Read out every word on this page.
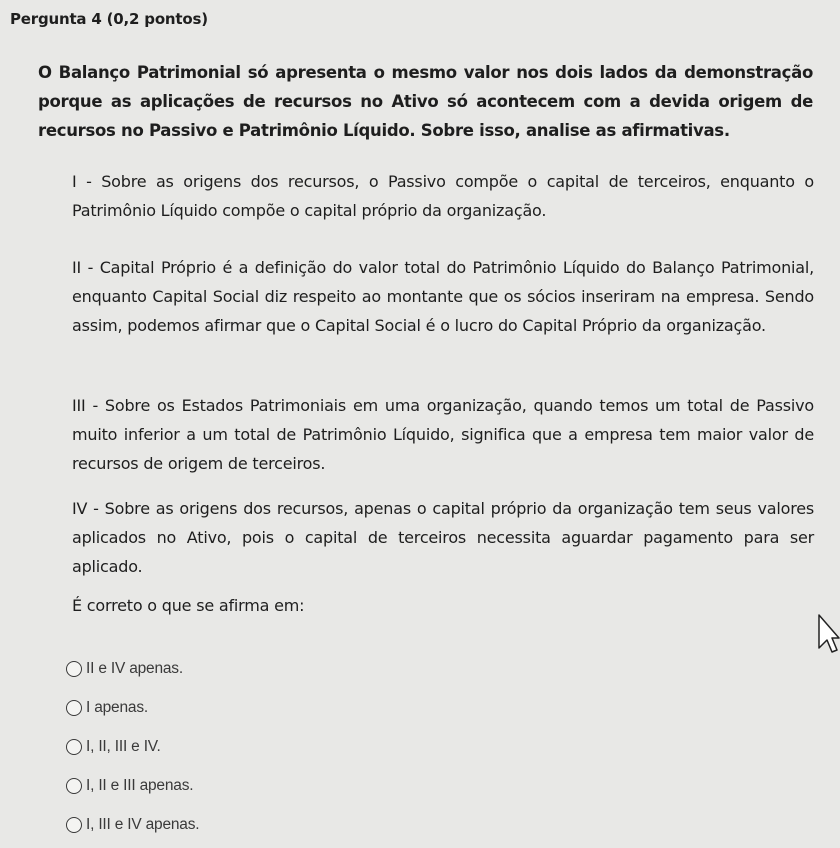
Pergunta 4 (0,2 pontos)
O Balanço Patrimonial só apresenta o mesmo valor nos dois lados da demonstração porque as aplicações de recursos no Ativo só acontecem com a devida origem de recursos no Passivo e Patrimônio Líquido. Sobre isso, analise as afirmativas.
I - Sobre as origens dos recursos, o Passivo compõe o capital de terceiros, enquanto o Patrimônio Líquido compõe o capital próprio da organização.
II - Capital Próprio é a definição do valor total do Patrimônio Líquido do Balanço Patrimonial, enquanto Capital Social diz respeito ao montante que os sócios inseriram na empresa. Sendo assim, podemos afirmar que o Capital Social é o lucro do Capital Próprio da organização.
III - Sobre os Estados Patrimoniais em uma organização, quando temos um total de Passivo muito inferior a um total de Patrimônio Líquido, significa que a empresa tem maior valor de recursos de origem de terceiros.
IV - Sobre as origens dos recursos, apenas o capital próprio da organização tem seus valores aplicados no Ativo, pois o capital de terceiros necessita aguardar pagamento para ser aplicado.
É correto o que se afirma em:
II e IV apenas.
I apenas.
I, II, III e IV.
I, II e III apenas.
I, III e IV apenas.
